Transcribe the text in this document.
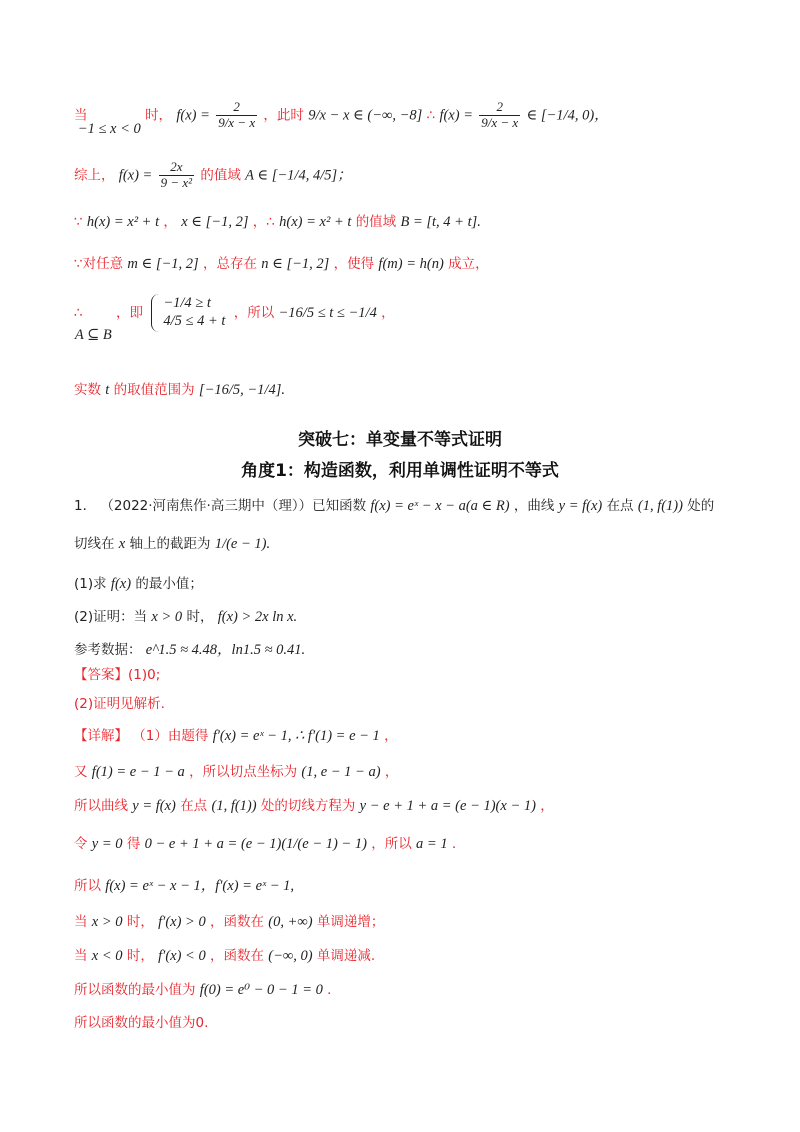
当 −1 ≤ x < 0 时， $f(x) = \frac{2}{9/x - x}$ ，此时 9/x − x ∈ (−∞, −8] ∴ $f(x) = \frac{2}{9/x - x}$ ∈ [−1/4, 0)，
综上， $f(x) = \frac{2x}{\text{9 − x²}}$ 的值域 A ∈ [−1/4, 4/5]；
∵ h(x) = x² + t ， x ∈ [−1, 2] ，∴ h(x) = x² + t 的值域 B = [t, 4 + t].
∵对任意 m ∈ [−1, 2] ，总存在 n ∈ [−1, 2] ，使得 f(m) = h(n) 成立，
∴ A ⊆ B ，即
−1/4 ≥ t
4/5 ≤ 4 + t ，所以 −16/5 ≤ t ≤ −1/4 ，
实数 t 的取值范围为 [−16/5, −1/4].
突破七：单变量不等式证明
角度1：构造函数，利用单调性证明不等式
1． （2022·河南焦作·高三期中（理））已知函数 f(x) = eˣ − x − a(a ∈ R) ，曲线 y = f(x) 在点 (1, f(1)) 处的
切线在 x 轴上的截距为 1/(e − 1).
(1)求 f(x) 的最小值；
(2)证明：当 x > 0 时， f(x) > 2x ln x.
参考数据： e^1.5 ≈ 4.48，ln1.5 ≈ 0.41.
【答案】(1)0;
(2)证明见解析.
【详解】 （1）由题得 f′(x) = eˣ − 1, ∴ f′(1) = e − 1 ，
又 f(1) = e − 1 − a ，所以切点坐标为 (1, e − 1 − a) ，
所以曲线 y = f(x) 在点 (1, f(1)) 处的切线方程为 y − e + 1 + a = (e − 1)(x − 1) ，
令 y = 0 得 0 − e + 1 + a = (e − 1)(1/(e − 1) − 1) ，所以 a = 1 .
所以 f(x) = eˣ − x − 1，f′(x) = eˣ − 1,
当 x > 0 时， f′(x) > 0 ，函数在 (0, +∞) 单调递增；
当 x < 0 时， f′(x) < 0 ，函数在 (−∞, 0) 单调递减.
所以函数的最小值为 f(0) = e⁰ − 0 − 1 = 0 .
所以函数的最小值为0.
